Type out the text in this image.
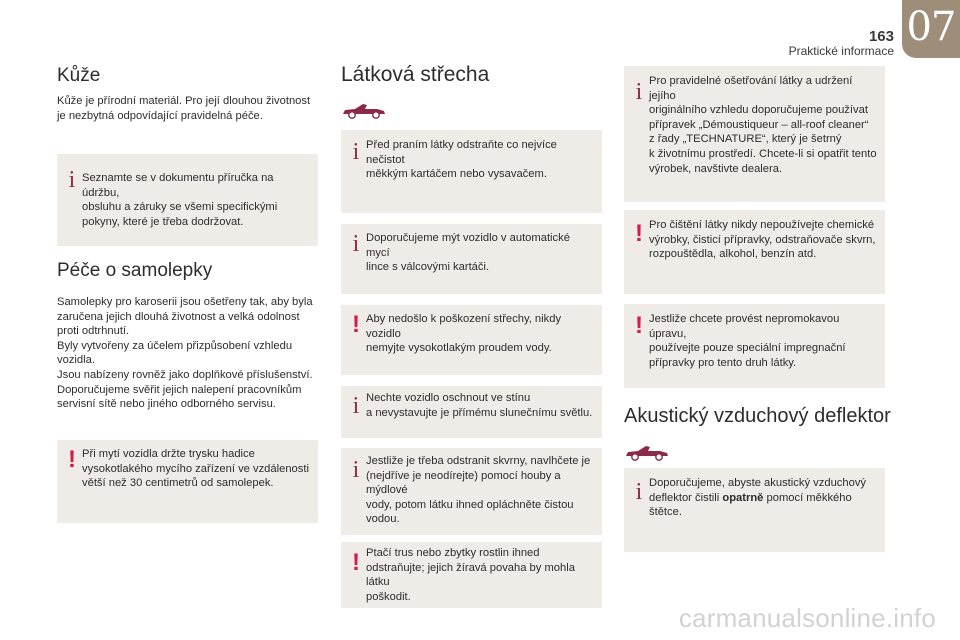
163
Praktické informace
07
Kůže
Kůže je přírodní materiál. Pro její dlouhou životnost
je nezbytná odpovídající pravidelná péče.
i Seznamte se v dokumentu příručka na údržbu,
obsluhu a záruky se všemi specifickými
pokyny, které je třeba dodržovat.
Péče o samolepky
Samolepky pro karoserii jsou ošetřeny tak, aby byla
zaručena jejich dlouhá životnost a velká odolnost
proti odtrhnutí.
Byly vytvořeny za účelem přizpůsobení vzhledu
vozidla.
Jsou nabízeny rovněž jako doplňkové příslušenství.
Doporučujeme svěřit jejich nalepení pracovníkům
servisní sítě nebo jiného odborného servisu.
! Při mytí vozidla držte trysku hadice
vysokotlakého mycího zařízení ve vzdálenosti
větší než 30 centimetrů od samolepek.
Látková střecha
i Před praním látky odstraňte co nejvíce nečistot
měkkým kartáčem nebo vysavačem.
i Doporučujeme mýt vozidlo v automatické mycí
lince s válcovými kartáči.
! Aby nedošlo k poškození střechy, nikdy vozidlo
nemyjte vysokotlakým proudem vody.
i Nechte vozidlo oschnout ve stínu
a nevystavujte je přímému slunečnímu světlu.
i Jestliže je třeba odstranit skvrny, navlhčete je
(nejdříve je neodírejte) pomocí houby a mýdlové
vody, potom látku ihned opláchněte čistou
vodou.
! Ptačí trus nebo zbytky rostlin ihned
odstraňujte; jejich žíravá povaha by mohla látku
poškodit.
i Pro pravidelné ošetřování látky a udržení jejího
originálního vzhledu doporučujeme používat
přípravek „Démoustiqueur – all-roof cleaner“
z řady „TECHNATURE“, který je šetrný
k životnímu prostředí. Chcete-li si opatřit tento
výrobek, navštivte dealera.
! Pro čištění látky nikdy nepoužívejte chemické
výrobky, čisticí přípravky, odstraňovače skvrn,
rozpouštědla, alkohol, benzín atd.
! Jestliže chcete provést nepromokavou úpravu,
používejte pouze speciální impregnační
přípravky pro tento druh látky.
Akustický vzduchový deflektor
i Doporučujeme, abyste akustický vzduchový
deflektor čistili opatrně pomocí měkkého
štětce.
carmanualsonline.info
